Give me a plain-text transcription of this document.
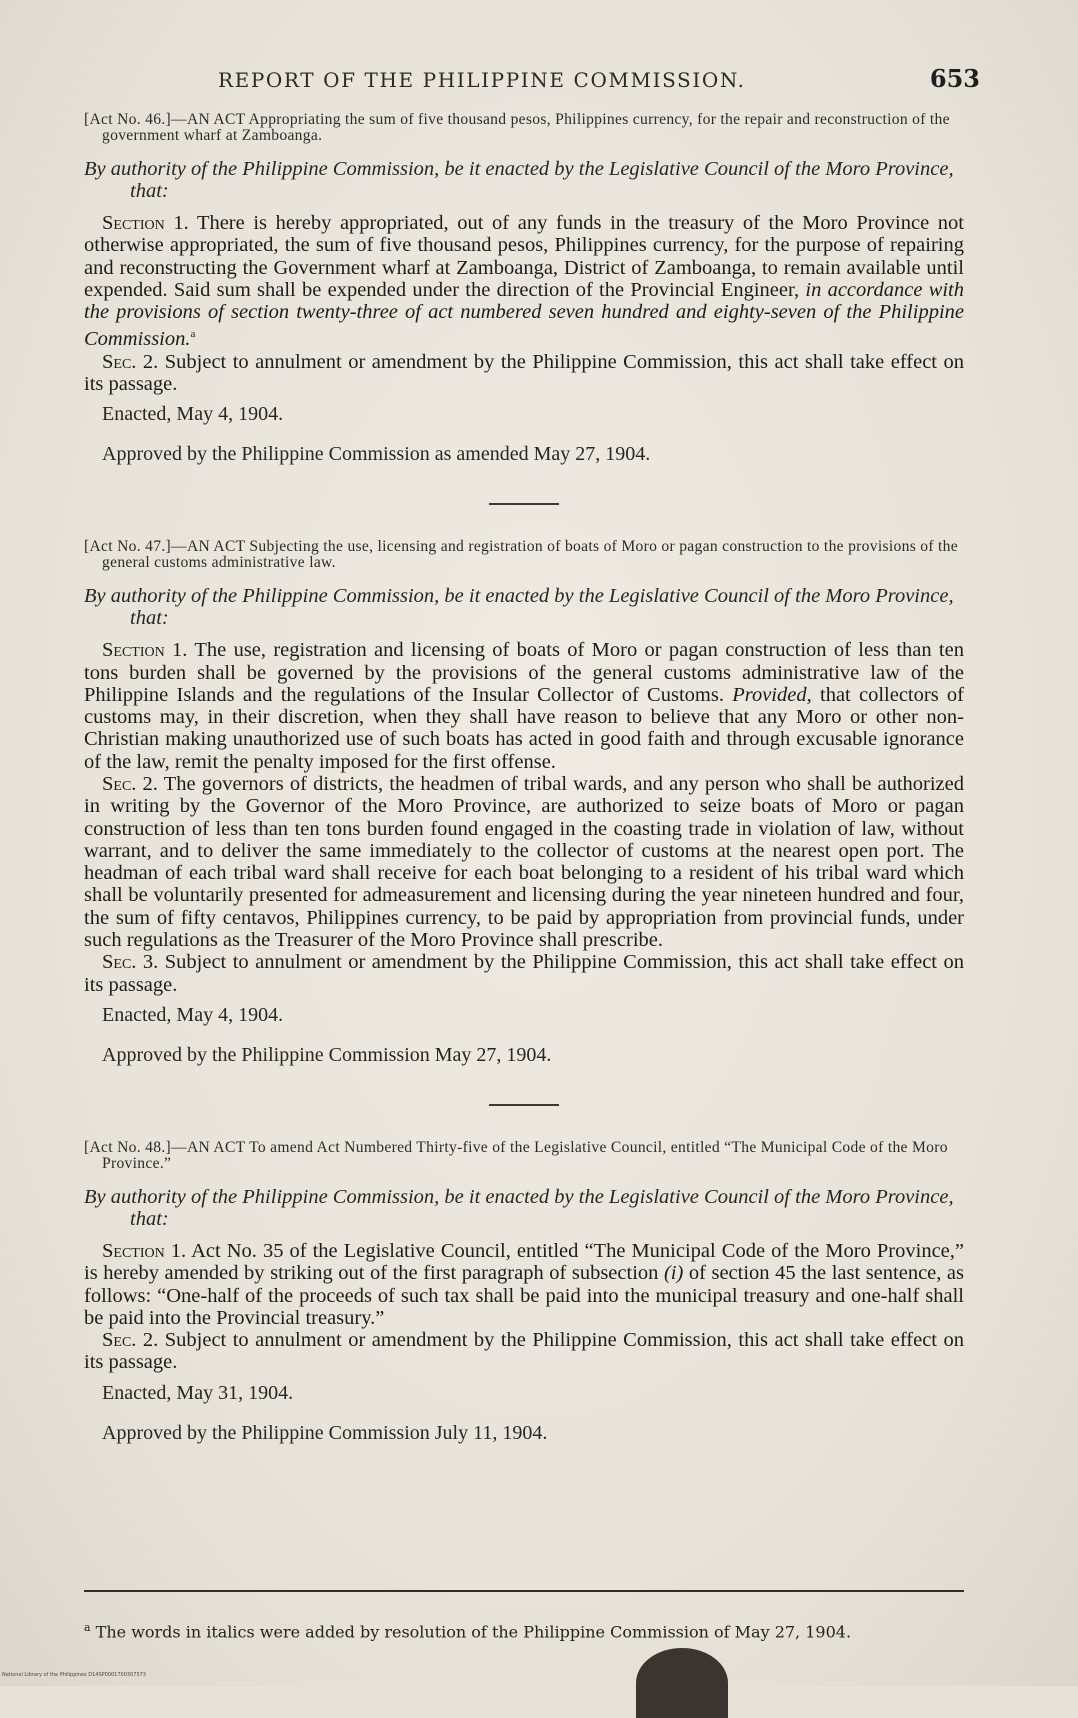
REPORT OF THE PHILIPPINE COMMISSION.	653

[Act No. 46.]—AN ACT Appropriating the sum of five thousand pesos, Philippines currency, for the repair and reconstruction of the government wharf at Zamboanga.

By authority of the Philippine Commission, be it enacted by the Legislative Council of the Moro Province, that:

Section 1. There is hereby appropriated, out of any funds in the treasury of the Moro Province not otherwise appropriated, the sum of five thousand pesos, Philippines currency, for the purpose of repairing and reconstructing the Government wharf at Zamboanga, District of Zamboanga, to remain available until expended. Said sum shall be expended under the direction of the Provincial Engineer, in accordance with the provisions of section twenty-three of act numbered seven hundred and eighty-seven of the Philippine Commission.$^a$

Sec. 2. Subject to annulment or amendment by the Philippine Commission, this act shall take effect on its passage.

Enacted, May 4, 1904.

Approved by the Philippine Commission as amended May 27, 1904.

[Act No. 47.]—AN ACT Subjecting the use, licensing and registration of boats of Moro or pagan construction to the provisions of the general customs administrative law.

By authority of the Philippine Commission, be it enacted by the Legislative Council of the Moro Province, that:

Section 1. The use, registration and licensing of boats of Moro or pagan construction of less than ten tons burden shall be governed by the provisions of the general customs administrative law of the Philippine Islands and the regulations of the Insular Collector of Customs. Provided, that collectors of customs may, in their discretion, when they shall have reason to believe that any Moro or other non-Christian making unauthorized use of such boats has acted in good faith and through excusable ignorance of the law, remit the penalty imposed for the first offense.

Sec. 2. The governors of districts, the headmen of tribal wards, and any person who shall be authorized in writing by the Governor of the Moro Province, are authorized to seize boats of Moro or pagan construction of less than ten tons burden found engaged in the coasting trade in violation of law, without warrant, and to deliver the same immediately to the collector of customs at the nearest open port. The headman of each tribal ward shall receive for each boat belonging to a resident of his tribal ward which shall be voluntarily presented for admeasurement and licensing during the year nineteen hundred and four, the sum of fifty centavos, Philippines currency, to be paid by appropriation from provincial funds, under such regulations as the Treasurer of the Moro Province shall prescribe.

Sec. 3. Subject to annulment or amendment by the Philippine Commission, this act shall take effect on its passage.

Enacted, May 4, 1904.

Approved by the Philippine Commission May 27, 1904.

[Act No. 48.]—AN ACT To amend Act Numbered Thirty-five of the Legislative Council, entitled “The Municipal Code of the Moro Province.”

By authority of the Philippine Commission, be it enacted by the Legislative Council of the Moro Province, that:

Section 1. Act No. 35 of the Legislative Council, entitled “The Municipal Code of the Moro Province,” is hereby amended by striking out of the first paragraph of subsection (i) of section 45 the last sentence, as follows: “One-half of the proceeds of such tax shall be paid into the municipal treasury and one-half shall be paid into the Provincial treasury.”

Sec. 2. Subject to annulment or amendment by the Philippine Commission, this act shall take effect on its passage.

Enacted, May 31, 1904.

Approved by the Philippine Commission July 11, 1904.

$^a$ The words in italics were added by resolution of the Philippine Commission of May 27, 1904.

National Library of the Philippines D14SP0001700307573
